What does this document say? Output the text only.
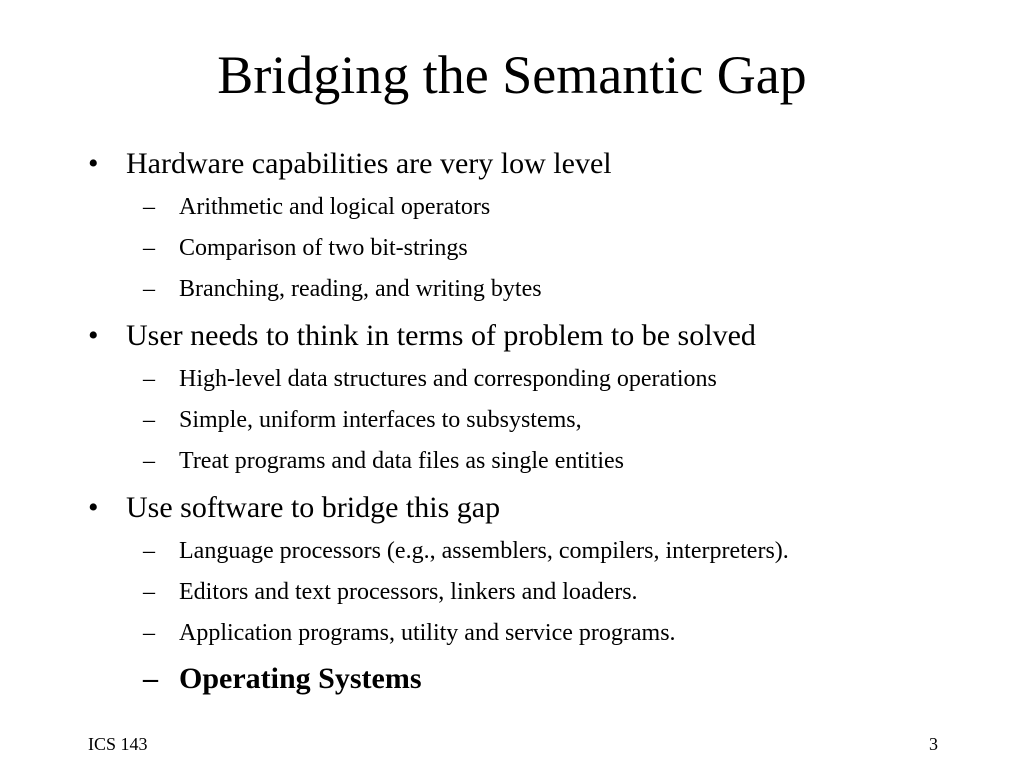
Bridging the Semantic Gap
• Hardware capabilities are very low level
–	Arithmetic and logical operators
–	Comparison of two bit-strings
–	Branching, reading, and writing bytes
• User needs to think in terms of problem to be solved
–	High-level data structures and corresponding operations
–	Simple, uniform interfaces to subsystems,
–	Treat programs and data files as single entities
• Use software to bridge this gap
–	Language processors (e.g., assemblers, compilers, interpreters).
–	Editors and text processors, linkers and loaders.
–	Application programs, utility and service programs.
– Operating Systems
ICS 143	3
